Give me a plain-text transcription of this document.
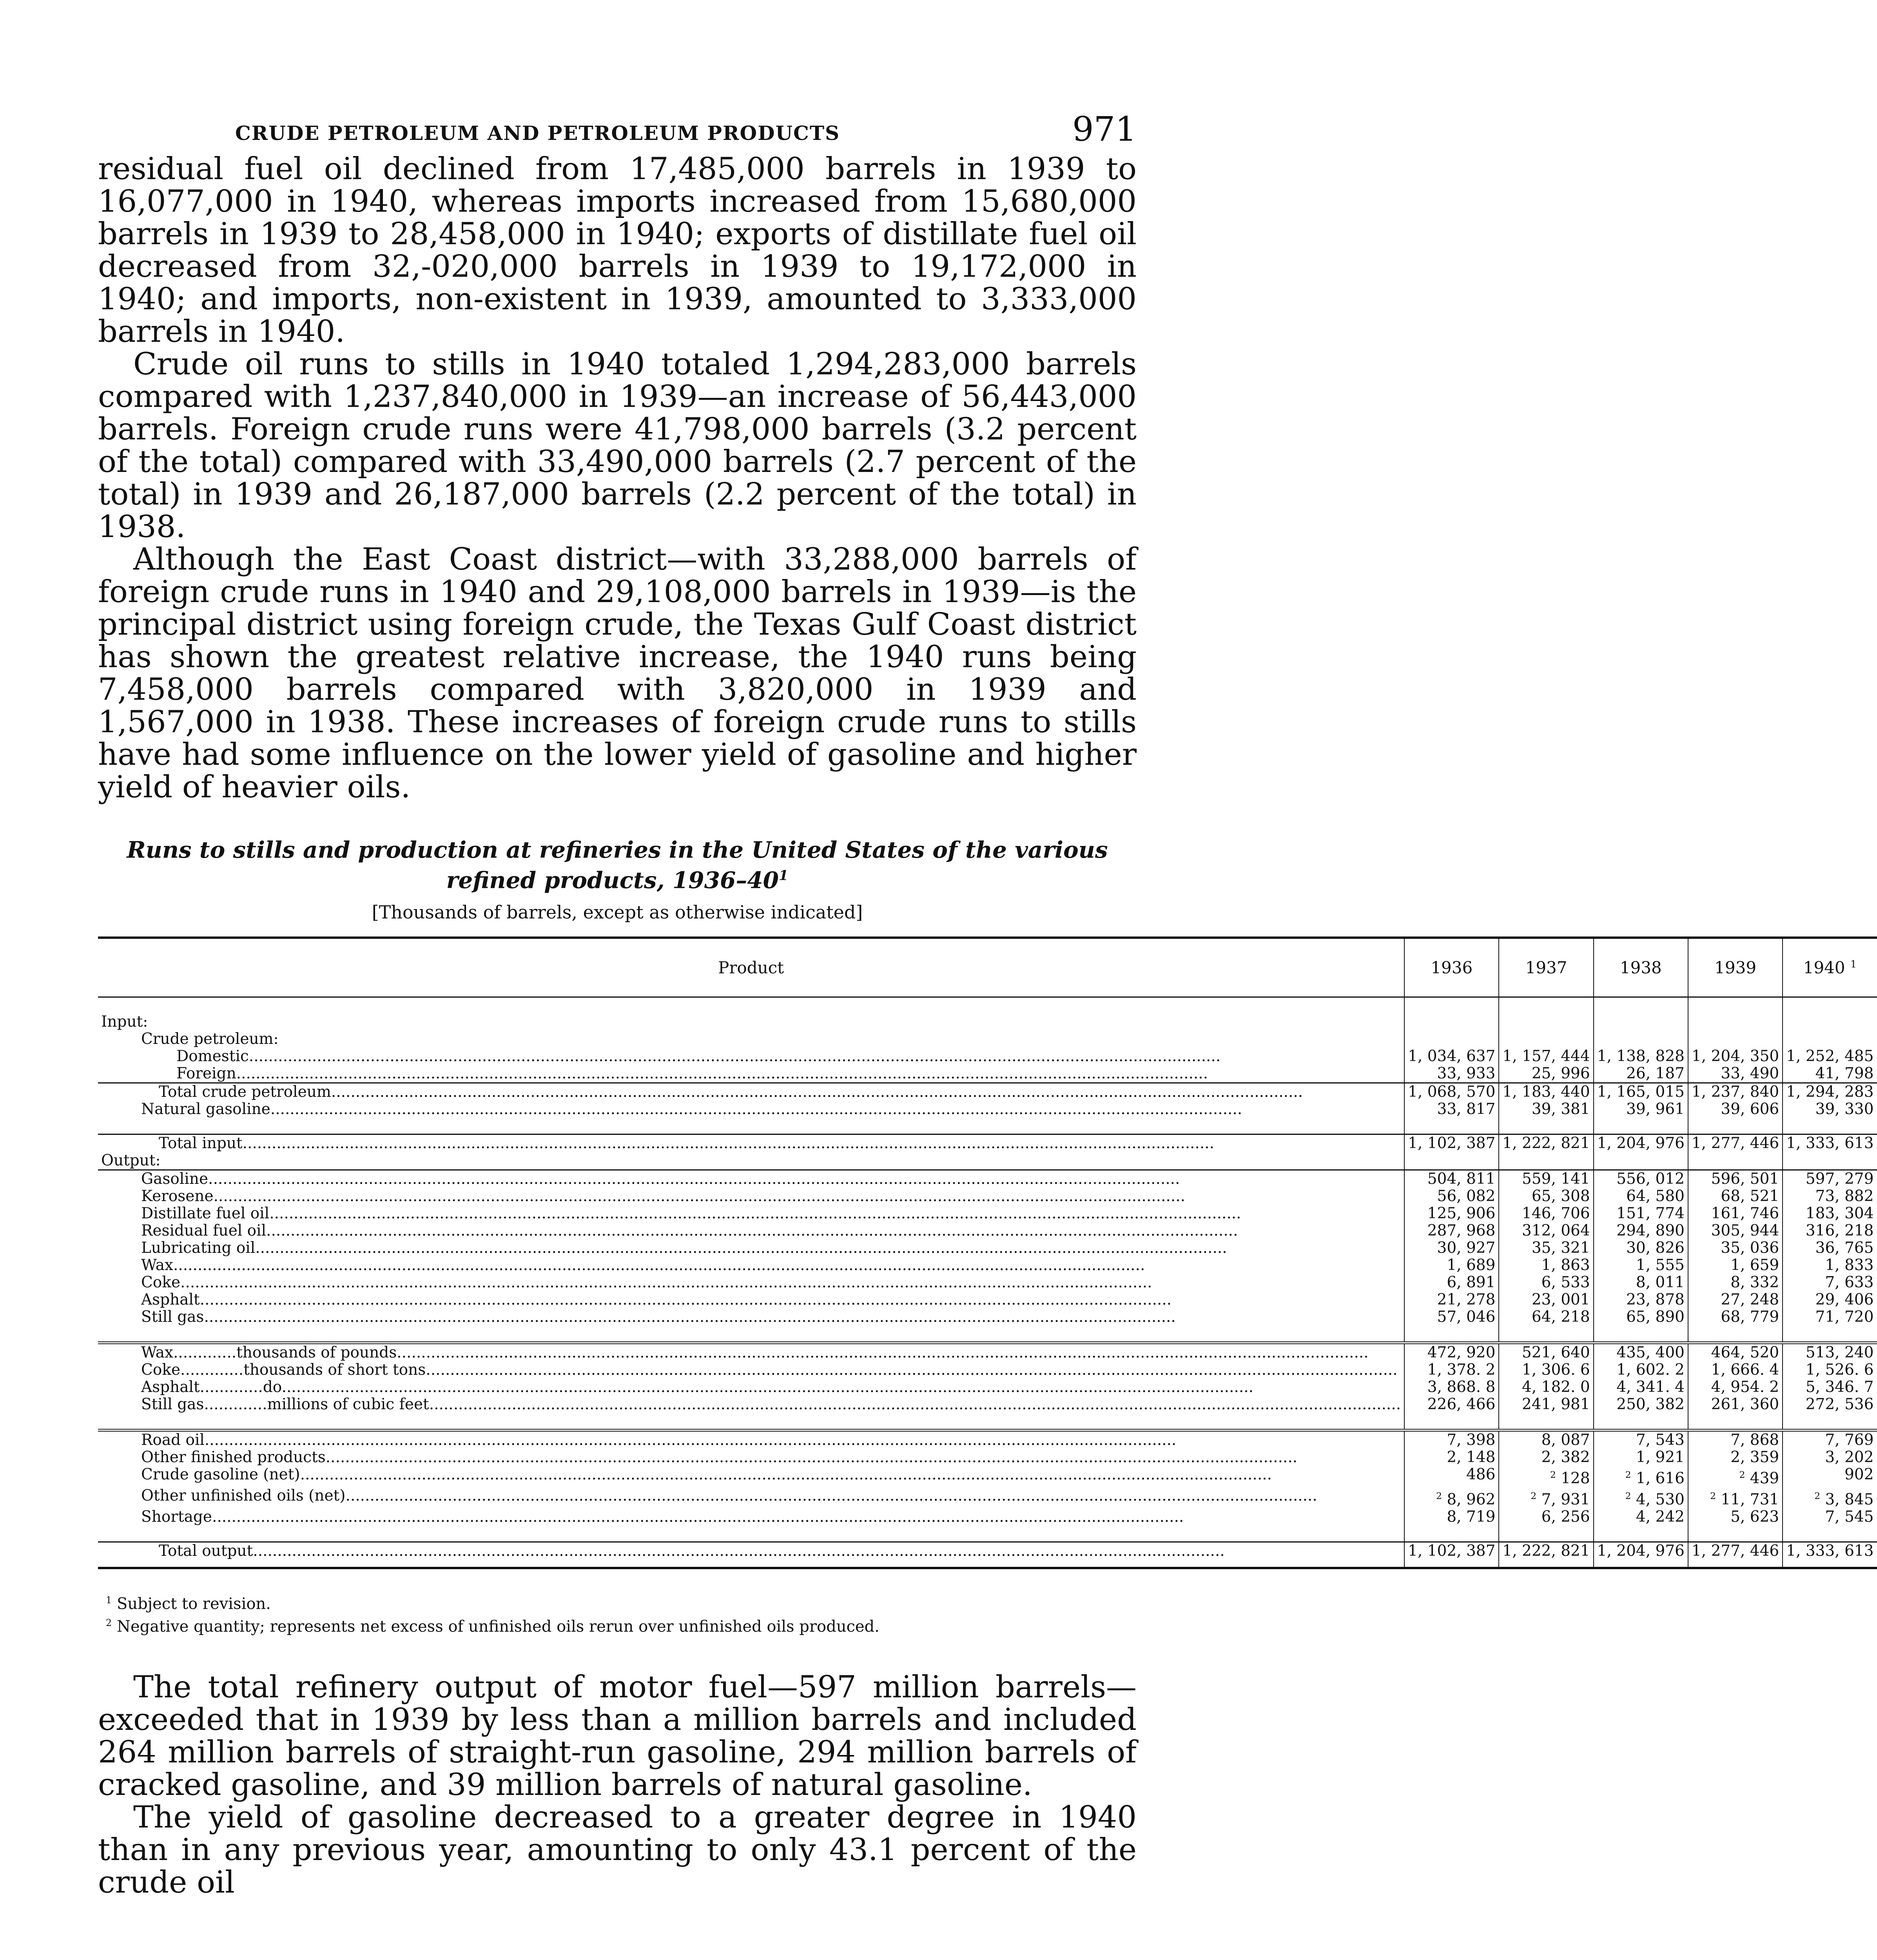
CRUDE PETROLEUM AND PETROLEUM PRODUCTS	971

residual fuel oil declined from 17,485,000 barrels in 1939 to 16,077,000 in 1940, whereas imports increased from 15,680,000 barrels in 1939 to 28,458,000 in 1940; exports of distillate fuel oil decreased from 32,-020,000 barrels in 1939 to 19,172,000 in 1940; and imports, non-existent in 1939, amounted to 3,333,000 barrels in 1940.

Crude oil runs to stills in 1940 totaled 1,294,283,000 barrels compared with 1,237,840,000 in 1939—an increase of 56,443,000 barrels. Foreign crude runs were 41,798,000 barrels (3.2 percent of the total) compared with 33,490,000 barrels (2.7 percent of the total) in 1939 and 26,187,000 barrels (2.2 percent of the total) in 1938.

Although the East Coast district—with 33,288,000 barrels of foreign crude runs in 1940 and 29,108,000 barrels in 1939—is the principal district using foreign crude, the Texas Gulf Coast district has shown the greatest relative increase, the 1940 runs being 7,458,000 barrels compared with 3,820,000 in 1939 and 1,567,000 in 1938. These increases of foreign crude runs to stills have had some influence on the lower yield of gasoline and higher yield of heavier oils.

Runs to stills and production at refineries in the United States of the various refined products, $1936-40^1$
[Thousands of barrels, except as otherwise indicated]
Product	1936	1937	1938	1939	1940 $^1$

Input:					
Crude petroleum:					
Domestic........................................................................................................................................................................................................	1, 034, 637	1, 157, 444	1, 138, 828	1, 204, 350	1, 252, 485
Foreign........................................................................................................................................................................................................	33, 933	25, 996	26, 187	33, 490	41, 798
Total crude petroleum........................................................................................................................................................................................................	1, 068, 570	1, 183, 440	1, 165, 015	1, 237, 840	1, 294, 283
Natural gasoline........................................................................................................................................................................................................	33, 817	39, 381	39, 961	39, 606	39, 330

Total input........................................................................................................................................................................................................	1, 102, 387	1, 222, 821	1, 204, 976	1, 277, 446	1, 333, 613
Output:					
Gasoline........................................................................................................................................................................................................	504, 811	559, 141	556, 012	596, 501	597, 279
Kerosene........................................................................................................................................................................................................	56, 082	65, 308	64, 580	68, 521	73, 882
Distillate fuel oil........................................................................................................................................................................................................	125, 906	146, 706	151, 774	161, 746	183, 304
Residual fuel oil........................................................................................................................................................................................................	287, 968	312, 064	294, 890	305, 944	316, 218
Lubricating oil........................................................................................................................................................................................................	30, 927	35, 321	30, 826	35, 036	36, 765
Wax........................................................................................................................................................................................................	1, 689	1, 863	1, 555	1, 659	1, 833
Coke........................................................................................................................................................................................................	6, 891	6, 533	8, 011	8, 332	7, 633
Asphalt........................................................................................................................................................................................................	21, 278	23, 001	23, 878	27, 248	29, 406
Still gas........................................................................................................................................................................................................	57, 046	64, 218	65, 890	68, 779	71, 720

Wax.............thousands of pounds........................................................................................................................................................................................................	472, 920	521, 640	435, 400	464, 520	513, 240
Coke.............thousands of short tons........................................................................................................................................................................................................	1, 378. 2	1, 306. 6	1, 602. 2	1, 666. 4	1, 526. 6
Asphalt.............do........................................................................................................................................................................................................	3, 868. 8	4, 182. 0	4, 341. 4	4, 954. 2	5, 346. 7
Still gas.............millions of cubic feet........................................................................................................................................................................................................	226, 466	241, 981	250, 382	261, 360	272, 536

Road oil........................................................................................................................................................................................................	7, 398	8, 087	7, 543	7, 868	7, 769
Other finished products........................................................................................................................................................................................................	2, 148	2, 382	1, 921	2, 359	3, 202
Crude gasoline (net)........................................................................................................................................................................................................	486	$^2$ 128	$^2$ 1, 616	$^2$ 439	902
Other unfinished oils (net)........................................................................................................................................................................................................	$^2$ 8, 962	$^2$ 7, 931	$^2$ 4, 530	$^2$ 11, 731	$^2$ 3, 845
Shortage........................................................................................................................................................................................................	8, 719	6, 256	4, 242	5, 623	7, 545

Total output........................................................................................................................................................................................................	1, 102, 387	1, 222, 821	1, 204, 976	1, 277, 446	1, 333, 613
$^1$ Subject to revision.
$^2$ Negative quantity; represents net excess of unfinished oils rerun over unfinished oils produced.

The total refinery output of motor fuel—597 million barrels—exceeded that in 1939 by less than a million barrels and included 264 million barrels of straight-run gasoline, 294 million barrels of cracked gasoline, and 39 million barrels of natural gasoline.

The yield of gasoline decreased to a greater degree in 1940 than in any previous year, amounting to only 43.1 percent of the crude oil
